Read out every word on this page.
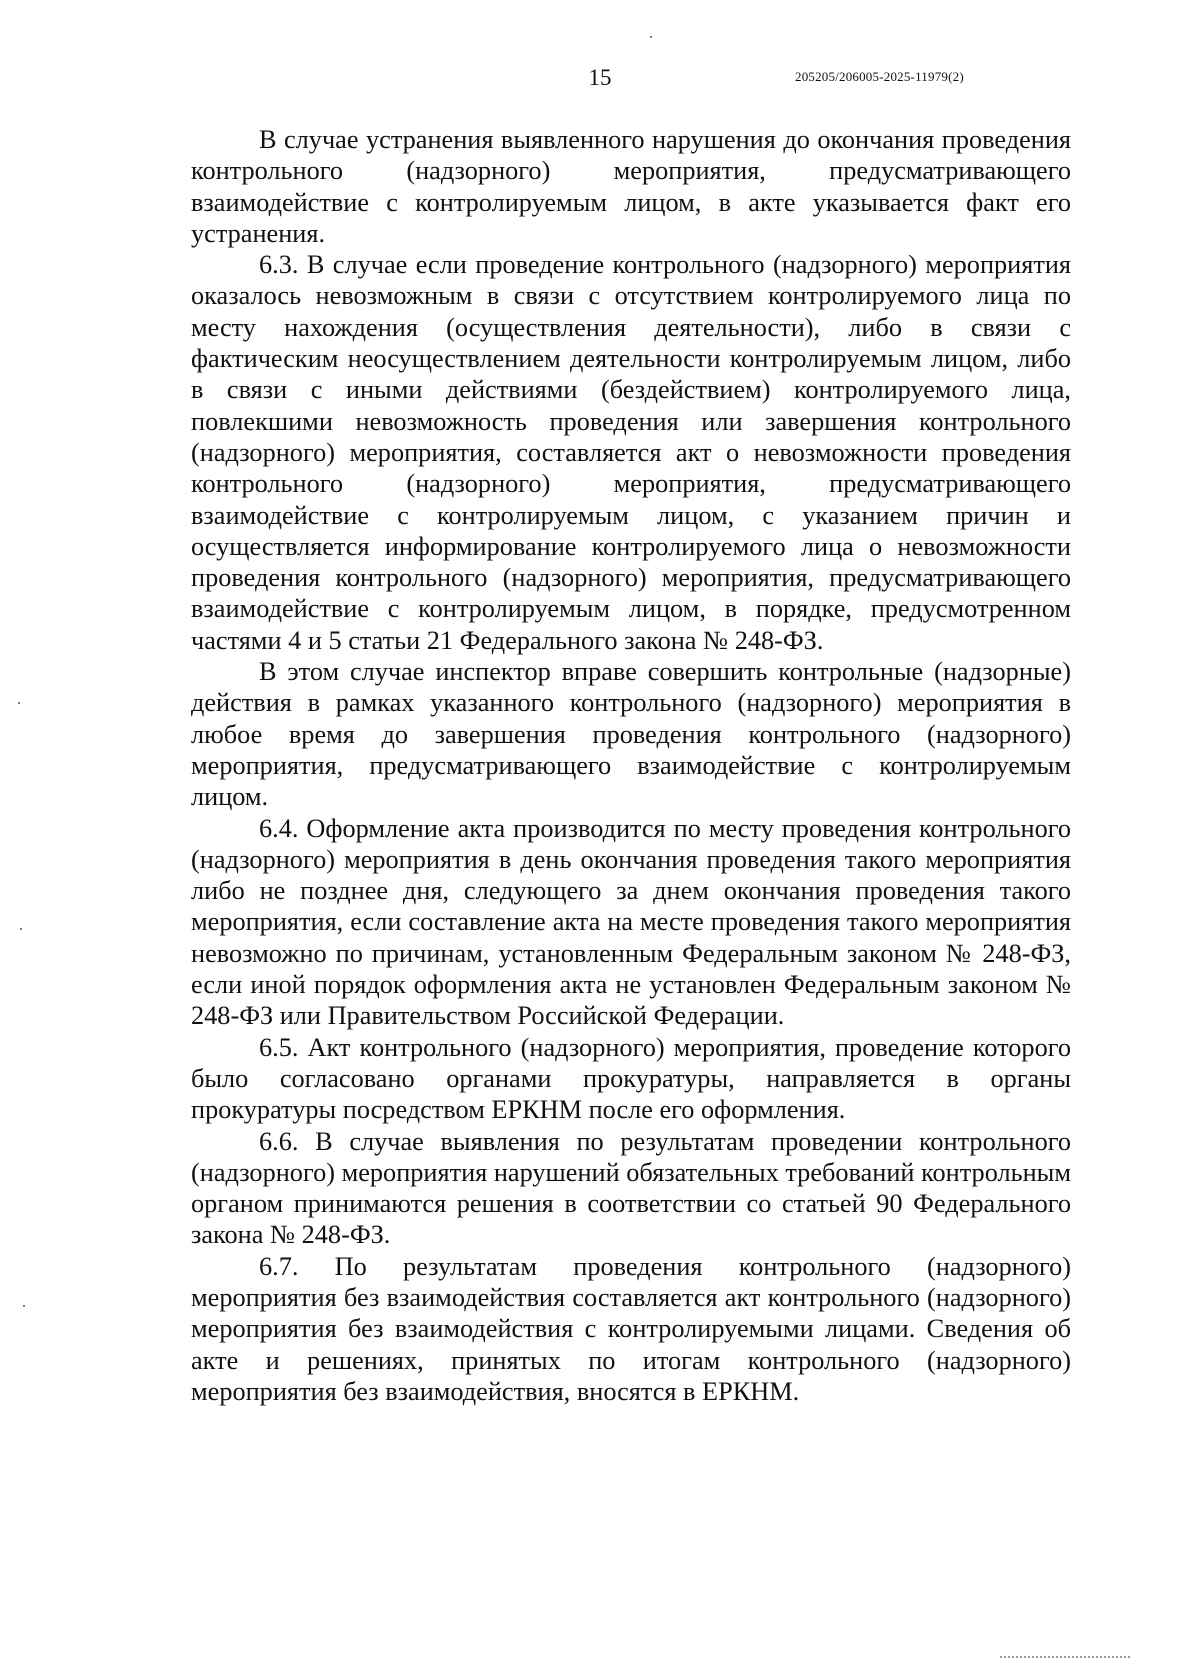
15	205205/206005-2025-11979(2)

В случае устранения выявленного нарушения до окончания проведения контрольного (надзорного) мероприятия, предусматривающего взаимодействие с контролируемым лицом, в акте указывается факт его устранения.

6.3. В случае если проведение контрольного (надзорного) мероприятия оказалось невозможным в связи с отсутствием контролируемого лица по месту нахождения (осуществления деятельности), либо в связи с фактическим неосуществлением деятельности контролируемым лицом, либо в связи с иными действиями (бездействием) контролируемого лица, повлекшими невозможность проведения или завершения контрольного (надзорного) мероприятия, составляется акт о невозможности проведения контрольного (надзорного) мероприятия, предусматривающего взаимодействие с контролируемым лицом, с указанием причин и осуществляется информирование контролируемого лица о невозможности проведения контрольного (надзорного) мероприятия, предусматривающего взаимодействие с контролируемым лицом, в порядке, предусмотренном частями 4 и 5 статьи 21 Федерального закона № 248-ФЗ.

В этом случае инспектор вправе совершить контрольные (надзорные) действия в рамках указанного контрольного (надзорного) мероприятия в любое время до завершения проведения контрольного (надзорного) мероприятия, предусматривающего взаимодействие с контролируемым лицом.

6.4. Оформление акта производится по месту проведения контрольного (надзорного) мероприятия в день окончания проведения такого мероприятия либо не позднее дня, следующего за днем окончания проведения такого мероприятия, если составление акта на месте проведения такого мероприятия невозможно по причинам, установленным Федеральным законом № 248-ФЗ, если иной порядок оформления акта не установлен Федеральным законом № 248-ФЗ или Правительством Российской Федерации.

6.5. Акт контрольного (надзорного) мероприятия, проведение которого было согласовано органами прокуратуры, направляется в органы прокуратуры посредством ЕРКНМ после его оформления.

6.6. В случае выявления по результатам проведении контрольного (надзорного) мероприятия нарушений обязательных требований контрольным органом принимаются решения в соответствии со статьей 90 Федерального закона № 248-ФЗ.

6.7. По результатам проведения контрольного (надзорного) мероприятия без взаимодействия составляется акт контрольного (надзорного) мероприятия без взаимодействия с контролируемыми лицами. Сведения об акте и решениях, принятых по итогам контрольного (надзорного) мероприятия без взаимодействия, вносятся в ЕРКНМ.
